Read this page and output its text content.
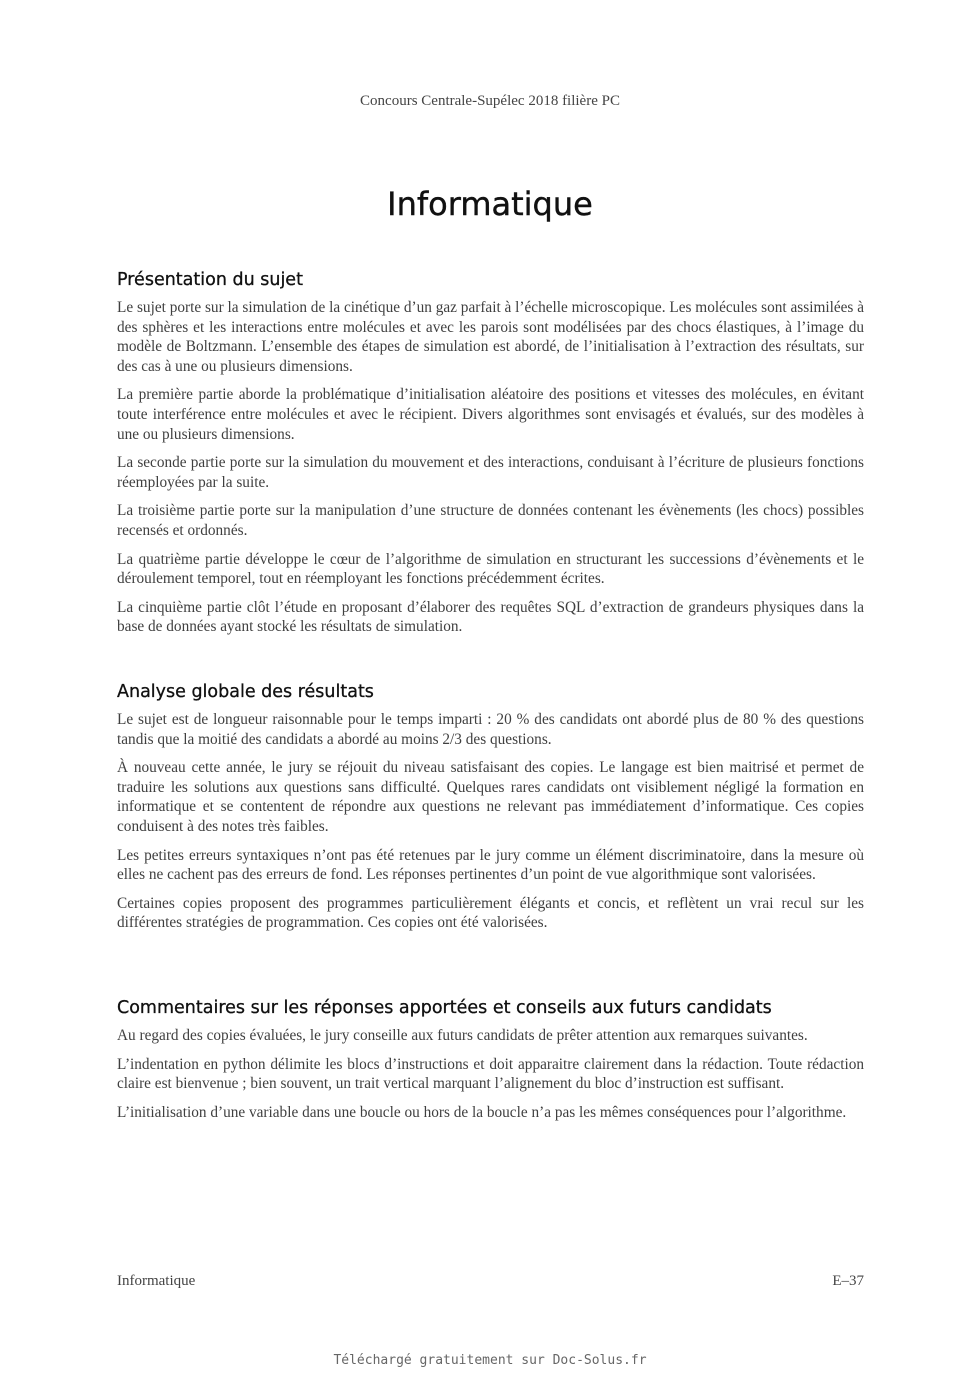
Concours Centrale-Supélec 2018 filière PC
Informatique
Présentation du sujet

Le sujet porte sur la simulation de la cinétique d’un gaz parfait à l’échelle microscopique. Les molécules sont assimilées à des sphères et les interactions entre molécules et avec les parois sont modélisées par des chocs élastiques, à l’image du modèle de Boltzmann. L’ensemble des étapes de simulation est abordé, de l’initialisation à l’extraction des résultats, sur des cas à une ou plusieurs dimensions.

La première partie aborde la problématique d’initialisation aléatoire des positions et vitesses des molécules, en évitant toute interférence entre molécules et avec le récipient. Divers algorithmes sont envisagés et évalués, sur des modèles à une ou plusieurs dimensions.

La seconde partie porte sur la simulation du mouvement et des interactions, conduisant à l’écriture de plusieurs fonctions réemployées par la suite.

La troisième partie porte sur la manipulation d’une structure de données contenant les évènements (les chocs) possibles recensés et ordonnés.

La quatrième partie développe le cœur de l’algorithme de simulation en structurant les successions d’évènements et le déroulement temporel, tout en réemployant les fonctions précédemment écrites.

La cinquième partie clôt l’étude en proposant d’élaborer des requêtes SQL d’extraction de grandeurs physiques dans la base de données ayant stocké les résultats de simulation.

Analyse globale des résultats

Le sujet est de longueur raisonnable pour le temps imparti : 20 % des candidats ont abordé plus de 80 % des questions tandis que la moitié des candidats a abordé au moins 2/3 des questions.

À nouveau cette année, le jury se réjouit du niveau satisfaisant des copies. Le langage est bien maitrisé et permet de traduire les solutions aux questions sans difficulté. Quelques rares candidats ont visiblement négligé la formation en informatique et se contentent de répondre aux questions ne relevant pas immédiatement d’informatique. Ces copies conduisent à des notes très faibles.

Les petites erreurs syntaxiques n’ont pas été retenues par le jury comme un élément discriminatoire, dans la mesure où elles ne cachent pas des erreurs de fond. Les réponses pertinentes d’un point de vue algorithmique sont valorisées.

Certaines copies proposent des programmes particulièrement élégants et concis, et reflètent un vrai recul sur les différentes stratégies de programmation. Ces copies ont été valorisées.

Commentaires sur les réponses apportées et conseils aux futurs candidats

Au regard des copies évaluées, le jury conseille aux futurs candidats de prêter attention aux remarques suivantes.

L’indentation en python délimite les blocs d’instructions et doit apparaitre clairement dans la rédaction. Toute rédaction claire est bienvenue ; bien souvent, un trait vertical marquant l’alignement du bloc d’instruction est suffisant.

L’initialisation d’une variable dans une boucle ou hors de la boucle n’a pas les mêmes conséquences pour l’algorithme.

Informatique	E–37
Téléchargé gratuitement sur Doc-Solus.fr
